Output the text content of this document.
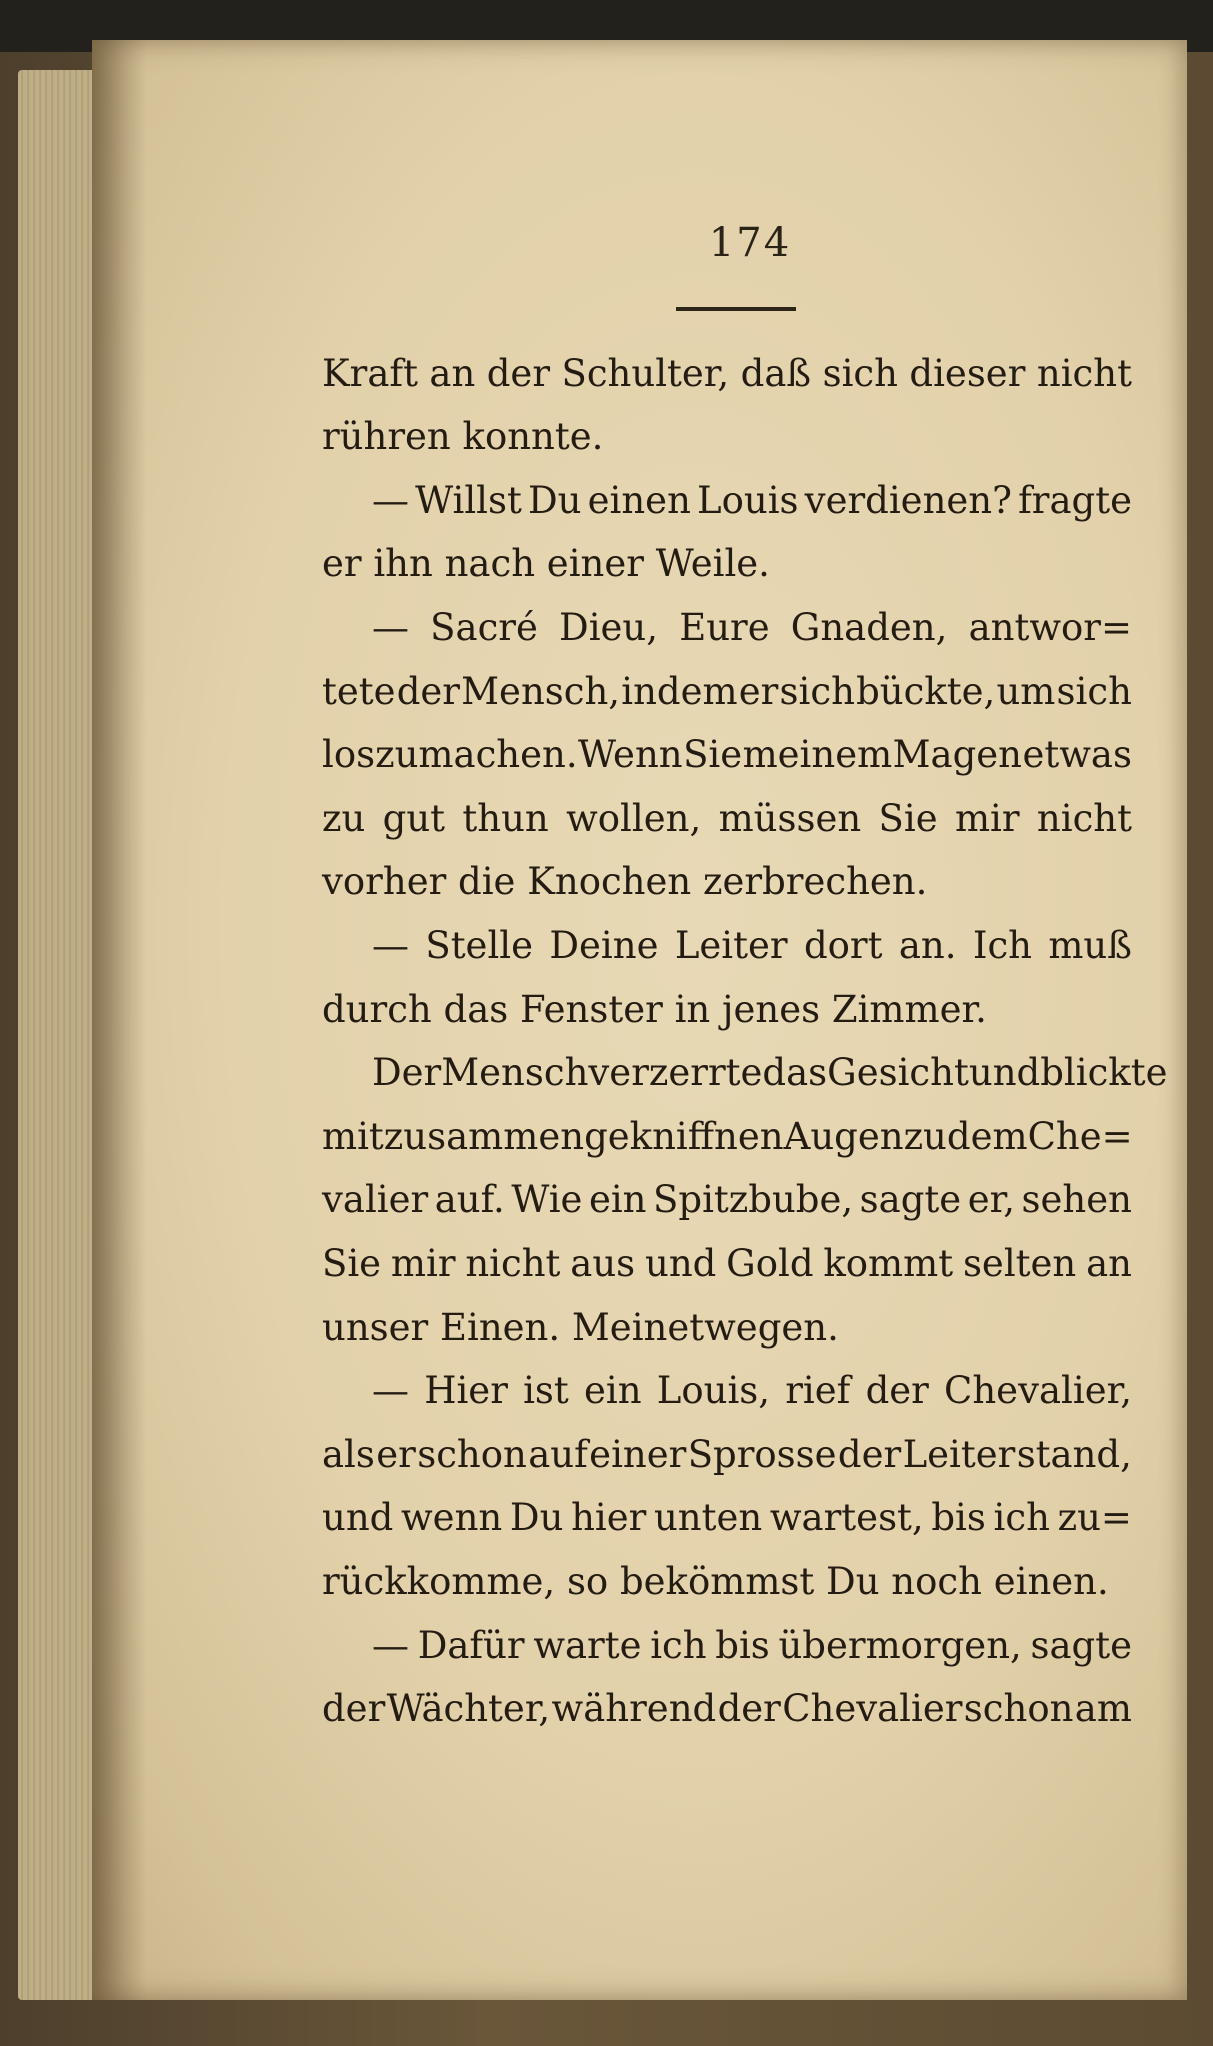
174
Kraft an der Schulter, daß sich dieser nicht
rühren konnte.
— Willst Du einen Louis verdienen? fragte
er ihn nach einer Weile.
— Sacré Dieu, Eure Gnaden, antwor=
tete der Mensch, indem er sich bückte, um sich
loszumachen. Wenn Sie meinem Magen etwas
zu gut thun wollen, müssen Sie mir nicht
vorher die Knochen zerbrechen.
— Stelle Deine Leiter dort an. Ich muß
durch das Fenster in jenes Zimmer.
Der Mensch verzerrte das Gesicht und blickte
mit zusammen gekniffnen Augen zu dem Che=
valier auf. Wie ein Spitzbube, sagte er, sehen
Sie mir nicht aus und Gold kommt selten an
unser Einen. Meinetwegen.
— Hier ist ein Louis, rief der Chevalier,
als er schon auf einer Sprosse der Leiter stand,
und wenn Du hier unten wartest, bis ich zu=
rückkomme, so bekömmst Du noch einen.
— Dafür warte ich bis übermorgen, sagte
der Wächter, während der Chevalier schon am
